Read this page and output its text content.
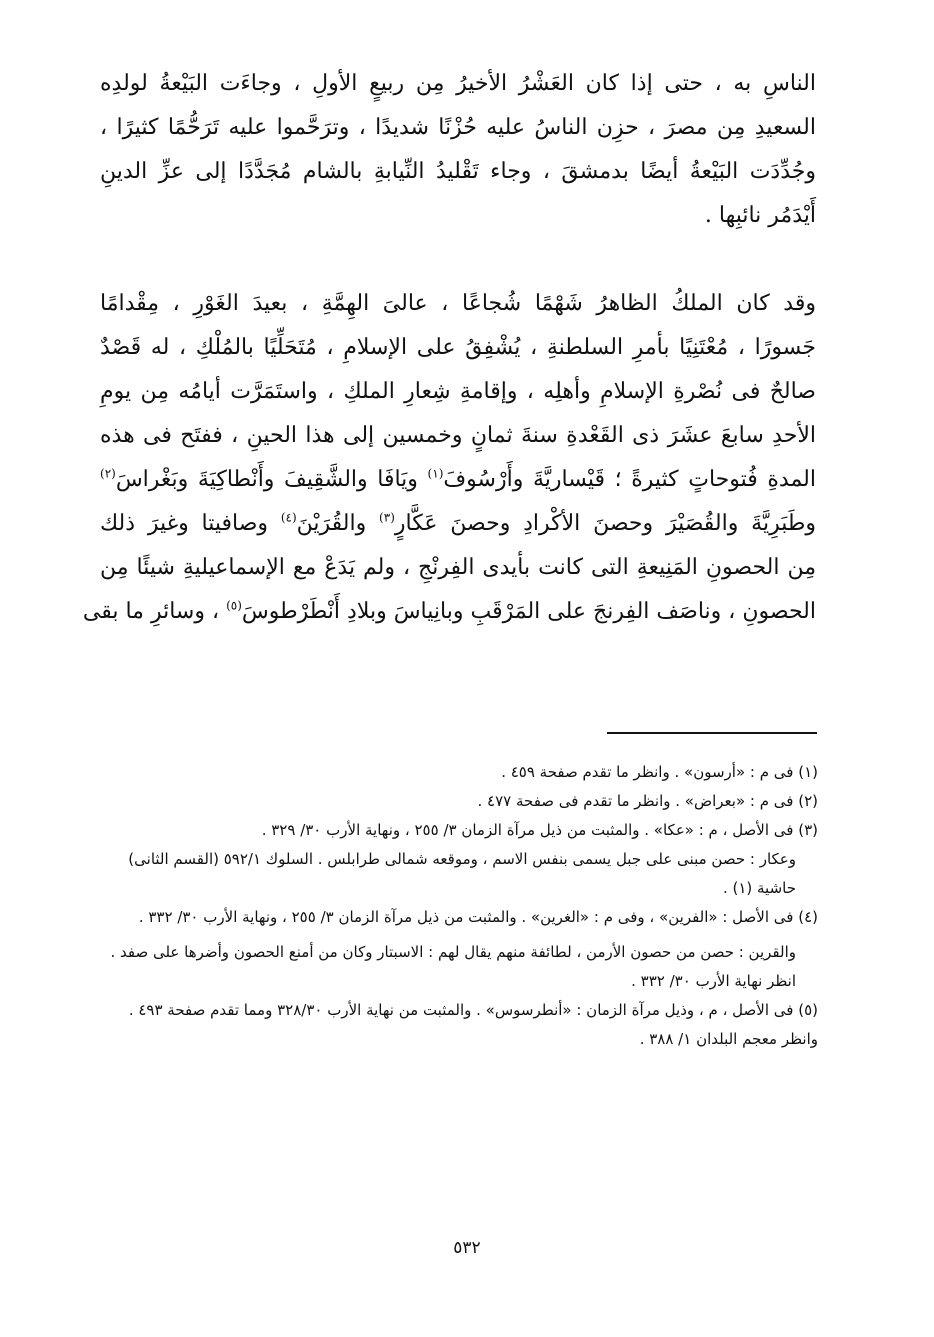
الناسِ به ، حتى إذا كان العَشْرُ الأخيرُ مِن ربيعٍ الأولِ ، وجاءَت البَيْعةُ لولدِه
السعيدِ مِن مصرَ ، حزِن الناسُ عليه حُزْنًا شديدًا ، وترَحَّموا عليه تَرَحُّمًا كثيرًا ،
وجُدِّدَت البَيْعةُ أيضًا بدمشقَ ، وجاء تَقْليدُ النِّيابةِ بالشام مُجَدَّدًا إلى عزِّ الدينِ
أَيْدَمُر نائبِها .
وقد كان الملكُ الظاهرُ شَهْمًا شُجاعًا ، عالىَ الهِمَّةِ ، بعيدَ الغَوْرِ ، مِقْدامًا
جَسورًا ، مُعْتَنِيًا بأمرِ السلطنةِ ، يُشْفِقُ على الإسلامِ ، مُتَحَلِّيًا بالمُلْكِ ، له قَصْدٌ
صالحٌ فى نُصْرةِ الإسلامِ وأهلِه ، وإقامةِ شِعارِ الملكِ ، واستَمَرَّت أيامُه مِن يومِ
الأحدِ سابعَ عشَرَ ذى القَعْدةِ سنةَ ثمانٍ وخمسين إلى هذا الحينِ ، ففتَح فى هذه
المدةِ فُتوحاتٍ كثيرةً ؛ قَيْساريَّةَ وأَرْسُوفَ$^{(١)}$ ويَافَا والشَّقِيفَ وأَنْطاكِيَةَ وبَغْراسَ$^{(٢)}$
وطَبَرِيَّةَ والقُصَيْرَ وحصنَ الأكْرادِ وحصنَ عَكَّارٍ$^{(٣)}$ والقُرَيْنَ$^{(٤)}$ وصافيتا وغيرَ ذلك
مِن الحصونِ المَنِيعةِ التى كانت بأيدى الفِرنْجِ ، ولم يَدَعْ مع الإسماعيليةِ شيئًا مِن
الحصونِ ، وناصَف الفِرنجَ على المَرْقَبِ وبانِياسَ وبلادِ أَنْطَرْطوسَ$^{(٥)}$ ، وسائرِ ما بقى
(١) فى م : «أرسون» . وانظر ما تقدم صفحة ٤٥٩ .
(٢) فى م : «بعراض» . وانظر ما تقدم فى صفحة ٤٧٧ .
(٣) فى الأصل ، م : «عكا» . والمثبت من ذيل مرآة الزمان ٣/ ٢٥٥ ، ونهاية الأرب ٣٠/ ٣٢٩ .
وعكار : حصن مبنى على جبل يسمى بنفس الاسم ، وموقعه شمالى طرابلس . السلوك ٥٩٢/١ (القسم الثانى) حاشية (١) .
(٤) فى الأصل : «الفرين» ، وفى م : «الغرين» . والمثبت من ذيل مرآة الزمان ٣/ ٢٥٥ ، ونهاية الأرب ٣٠/ ٣٣٢ .
والقرين : حصن من حصون الأرمن ، لطائفة منهم يقال لهم : الاسبتار وكان من أمنع الحصون وأضرها على صفد . انظر نهاية الأرب ٣٠/ ٣٣٢ .
(٥) فى الأصل ، م ، وذيل مرآة الزمان : «أنطرسوس» . والمثبت من نهاية الأرب ٣٢٨/٣٠ ومما تقدم صفحة ٤٩٣ . وانظر معجم البلدان ١/ ٣٨٨ .
٥٣٢
